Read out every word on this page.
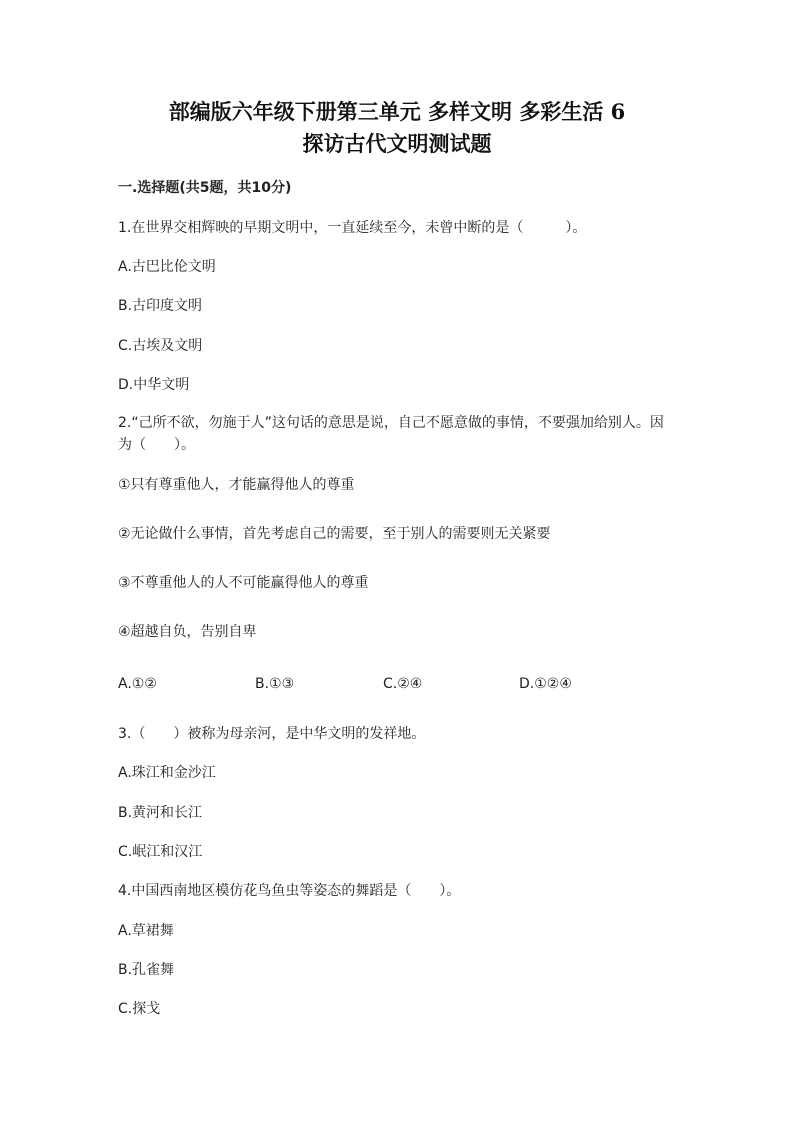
部编版六年级下册第三单元 多样文明 多彩生活 6
探访古代文明测试题
一.选择题(共5题，共10分)
1.在世界交相辉映的早期文明中，一直延续至今，未曾中断的是（　　　）。
A.古巴比伦文明
B.古印度文明
C.古埃及文明
D.中华文明
2.“己所不欲，勿施于人”这句话的意思是说，自己不愿意做的事情，不要强加给别人。因为（　　）。
①只有尊重他人，才能赢得他人的尊重
②无论做什么事情，首先考虑自己的需要，至于别人的需要则无关紧要
③不尊重他人的人不可能赢得他人的尊重
④超越自负，告别自卑
A.①②	B.①③	C.②④	D.①②④
3.（　　）被称为母亲河，是中华文明的发祥地。
A.珠江和金沙江
B.黄河和长江
C.岷江和汉江
4.中国西南地区模仿花鸟鱼虫等姿态的舞蹈是（　　）。
A.草裙舞
B.孔雀舞
C.探戈
